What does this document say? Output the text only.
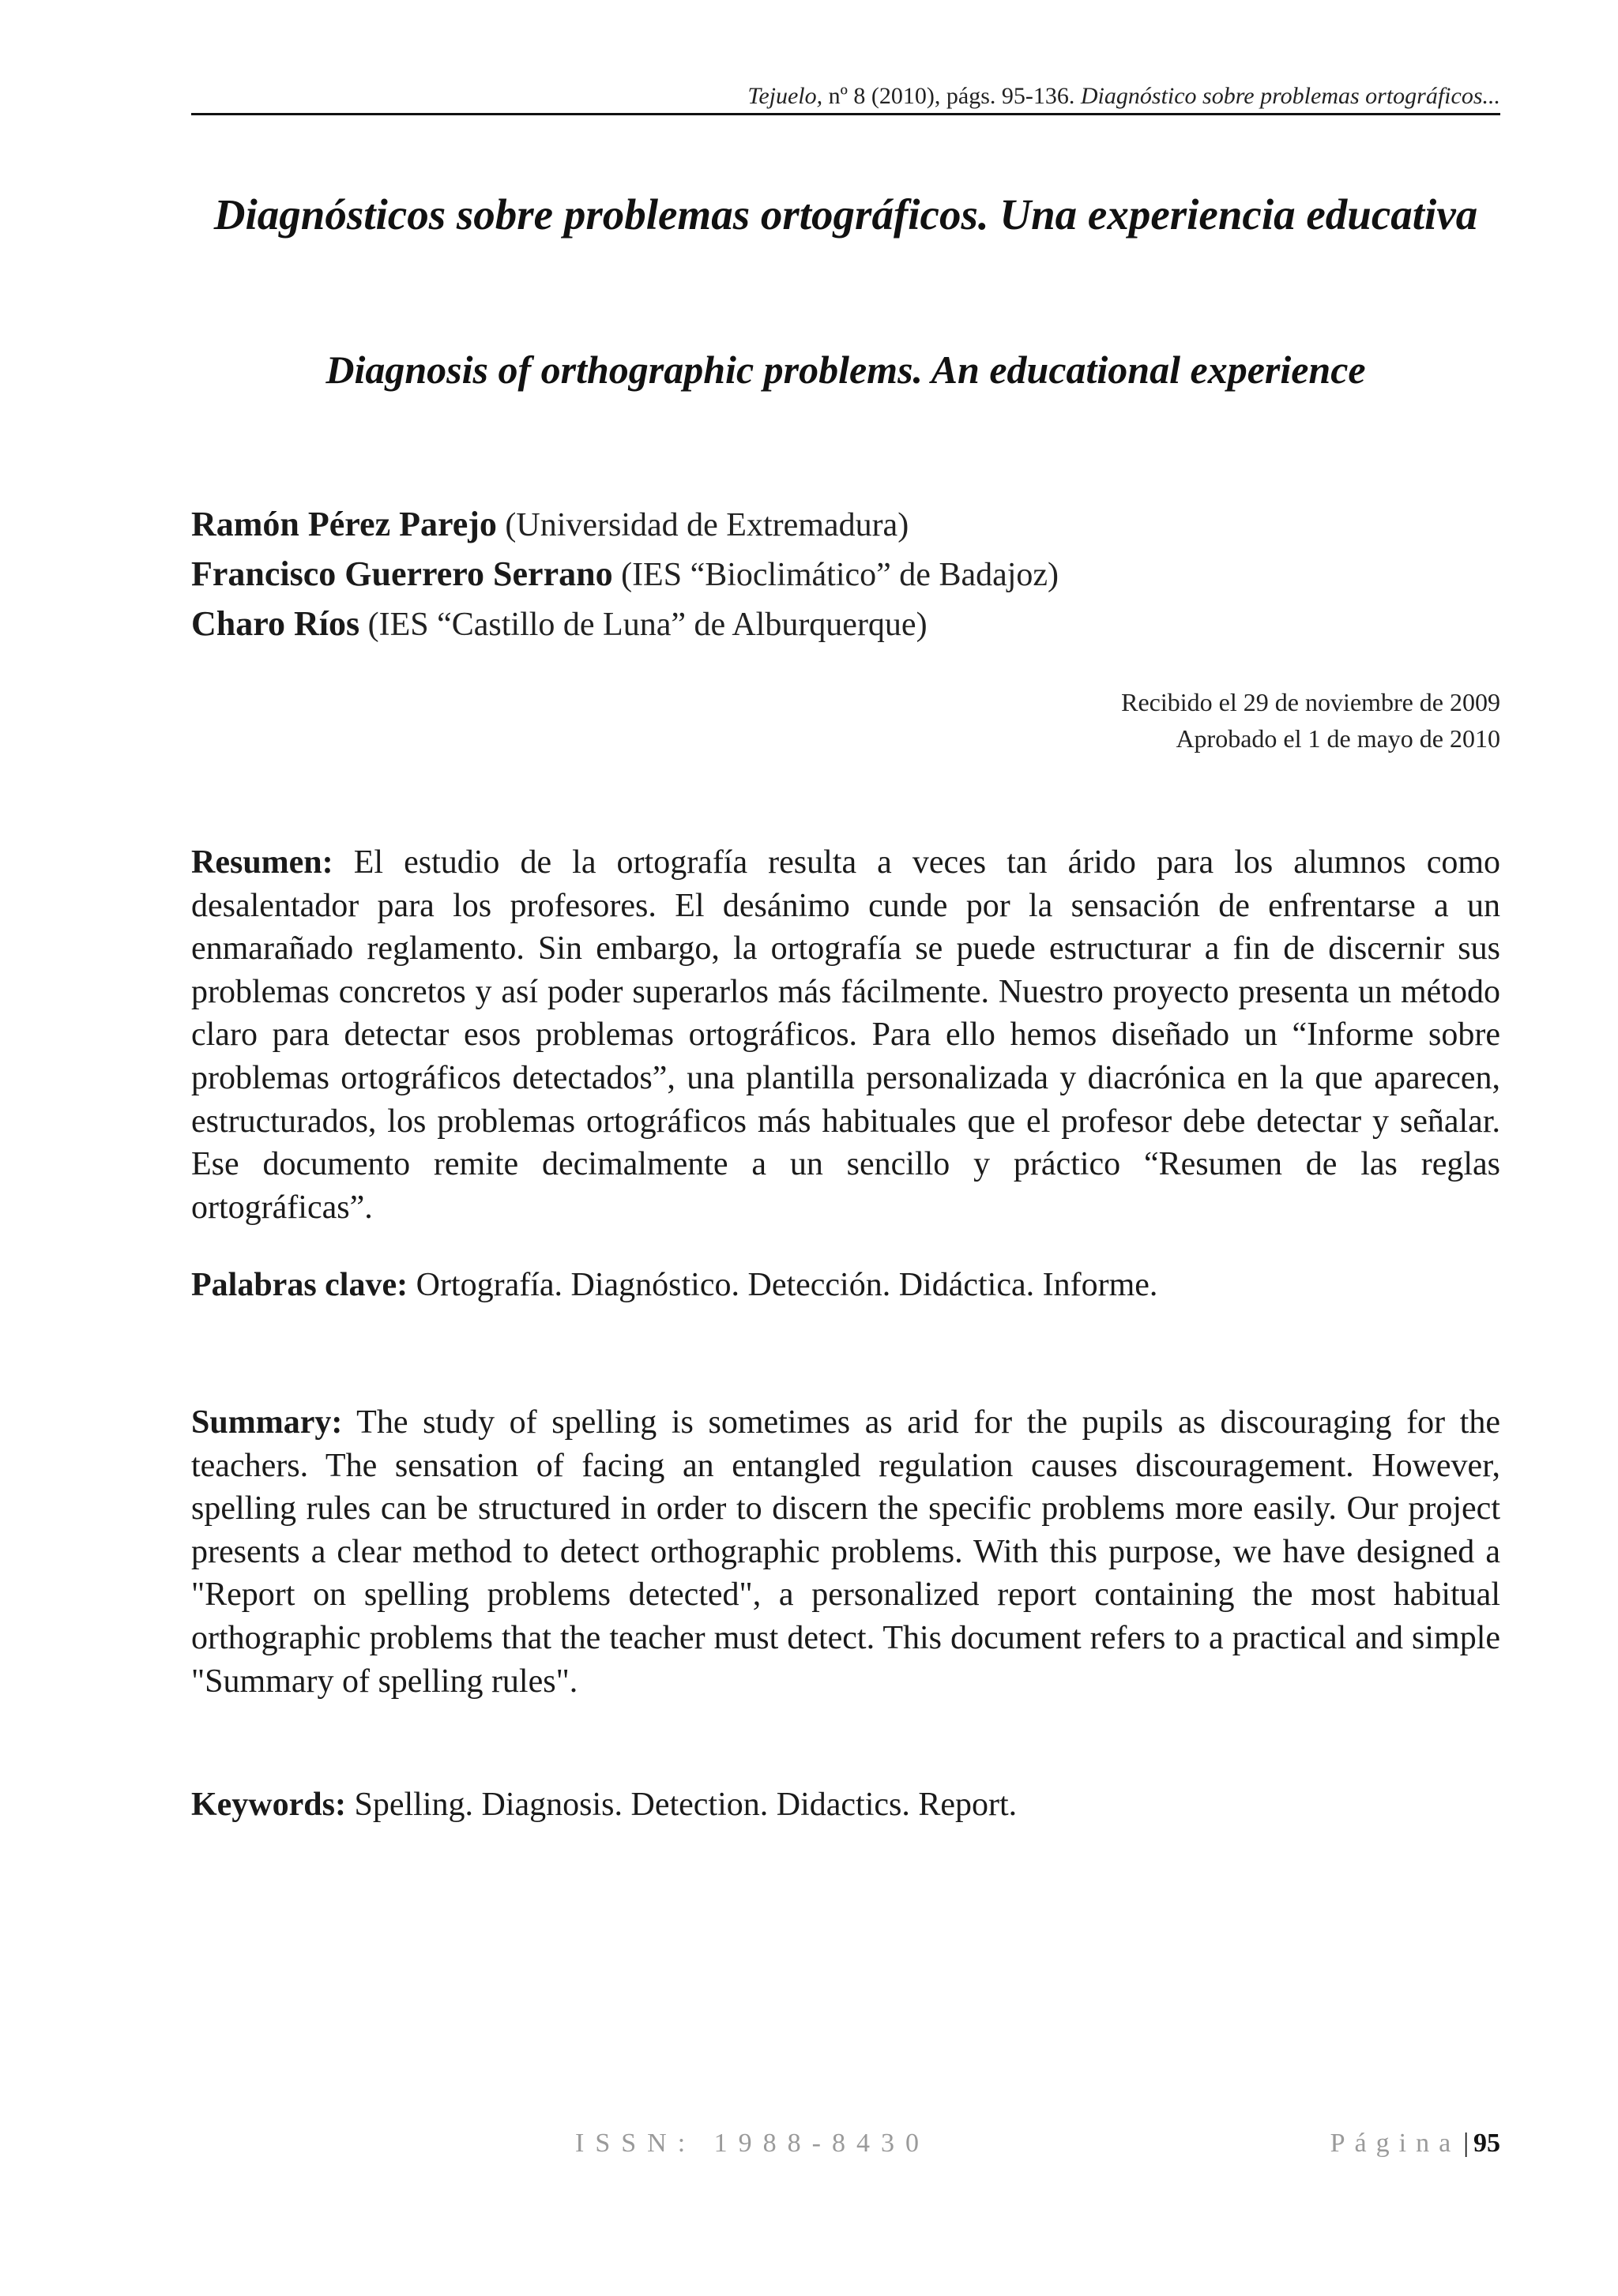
Tejuelo, nº 8 (2010), págs. 95-136. Diagnóstico sobre problemas ortográficos...
Diagnósticos sobre problemas ortográficos. Una experiencia educativa
Diagnosis of orthographic problems. An educational experience
Ramón Pérez Parejo (Universidad de Extremadura)
Francisco Guerrero Serrano (IES “Bioclimático” de Badajoz)
Charo Ríos (IES “Castillo de Luna” de Alburquerque)
Recibido el 29 de noviembre de 2009
Aprobado el 1 de mayo de 2010
Resumen: El estudio de la ortografía resulta a veces tan árido para los alumnos como desalentador para los profesores. El desánimo cunde por la sensación de enfrentarse a un enmarañado reglamento. Sin embargo, la ortografía se puede estructurar a fin de discernir sus problemas concretos y así poder superarlos más fácilmente. Nuestro proyecto presenta un método claro para detectar esos problemas ortográficos. Para ello hemos diseñado un “Informe sobre problemas ortográficos detectados”, una plantilla personalizada y diacrónica en la que aparecen, estructurados, los problemas ortográficos más habituales que el profesor debe detectar y señalar. Ese documento remite decimalmente a un sencillo y práctico “Resumen de las reglas ortográficas”.
Palabras clave: Ortografía. Diagnóstico. Detección. Didáctica. Informe.
Summary: The study of spelling is sometimes as arid for the pupils as discouraging for the teachers. The sensation of facing an entangled regulation causes discouragement. However, spelling rules can be structured in order to discern the specific problems more easily. Our project presents a clear method to detect orthographic problems. With this purpose, we have designed a "Report on spelling problems detected", a personalized report containing the most habitual orthographic problems that the teacher must detect. This document refers to a practical and simple "Summary of spelling rules".
Keywords: Spelling. Diagnosis. Detection. Didactics. Report.
ISSN: 1988-8430	Página | 95
